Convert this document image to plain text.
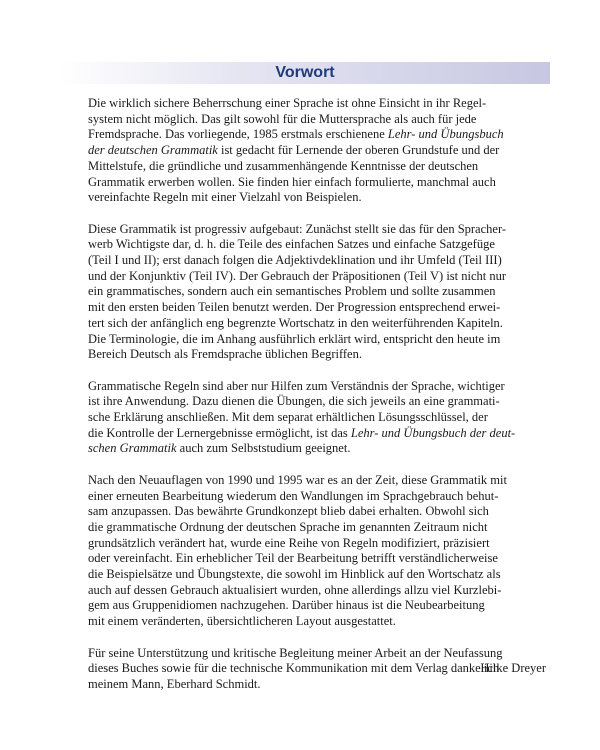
Vorwort

Die wirklich sichere Beherrschung einer Sprache ist ohne Einsicht in ihr Regel-
system nicht möglich. Das gilt sowohl für die Muttersprache als auch für jede
Fremdsprache. Das vorliegende, 1985 erstmals erschienene Lehr- und Übungsbuch
der deutschen Grammatik ist gedacht für Lernende der oberen Grundstufe und der
Mittelstufe, die gründliche und zusammenhängende Kenntnisse der deutschen
Grammatik erwerben wollen. Sie finden hier einfach formulierte, manchmal auch
vereinfachte Regeln mit einer Vielzahl von Beispielen.

Diese Grammatik ist progressiv aufgebaut: Zunächst stellt sie das für den Spracher-
werb Wichtigste dar, d. h. die Teile des einfachen Satzes und einfache Satzgefüge
(Teil I und II); erst danach folgen die Adjektivdeklination und ihr Umfeld (Teil III)
und der Konjunktiv (Teil IV). Der Gebrauch der Präpositionen (Teil V) ist nicht nur
ein grammatisches, sondern auch ein semantisches Problem und sollte zusammen
mit den ersten beiden Teilen benutzt werden. Der Progression entsprechend erwei-
tert sich der anfänglich eng begrenzte Wortschatz in den weiterführenden Kapiteln.
Die Terminologie, die im Anhang ausführlich erklärt wird, entspricht den heute im
Bereich Deutsch als Fremdsprache üblichen Begriffen.

Grammatische Regeln sind aber nur Hilfen zum Verständnis der Sprache, wichtiger
ist ihre Anwendung. Dazu dienen die Übungen, die sich jeweils an eine grammati-
sche Erklärung anschließen. Mit dem separat erhältlichen Lösungsschlüssel, der
die Kontrolle der Lernergebnisse ermöglicht, ist das Lehr- und Übungsbuch der deut-
schen Grammatik auch zum Selbststudium geeignet.

Nach den Neuauflagen von 1990 und 1995 war es an der Zeit, diese Grammatik mit
einer erneuten Bearbeitung wiederum den Wandlungen im Sprachgebrauch behut-
sam anzupassen. Das bewährte Grundkonzept blieb dabei erhalten. Obwohl sich
die grammatische Ordnung der deutschen Sprache im genannten Zeitraum nicht
grundsätzlich verändert hat, wurde eine Reihe von Regeln modifiziert, präzisiert
oder vereinfacht. Ein erheblicher Teil der Bearbeitung betrifft verständlicherweise
die Beispielsätze und Übungstexte, die sowohl im Hinblick auf den Wortschatz als
auch auf dessen Gebrauch aktualisiert wurden, ohne allerdings allzu viel Kurzlebi-
gem aus Gruppenidiomen nachzugehen. Darüber hinaus ist die Neubearbeitung
mit einem veränderten, übersichtlicheren Layout ausgestattet.

Für seine Unterstützung und kritische Begleitung meiner Arbeit an der Neufassung
dieses Buches sowie für die technische Kommunikation mit dem Verlag danke ich
meinem Mann, Eberhard Schmidt.

Hilke Dreyer
